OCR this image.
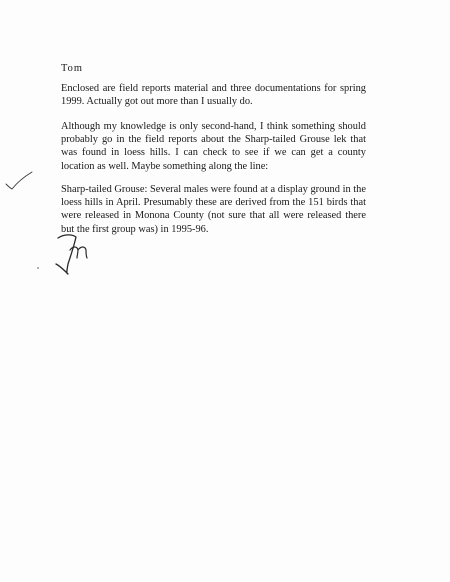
Tom
Enclosed are field reports material and three documentations for spring 1999. Actually got out more than I usually do.
Although my knowledge is only second-hand, I think something should probably go in the field reports about the Sharp-tailed Grouse lek that was found in loess hills. I can check to see if we can get a county location as well. Maybe something along the line:
Sharp-tailed Grouse: Several males were found at a display ground in the loess hills in April. Presumably these are derived from the 151 birds that were released in Monona County (not sure that all were released there but the first group was) in 1995-96.
